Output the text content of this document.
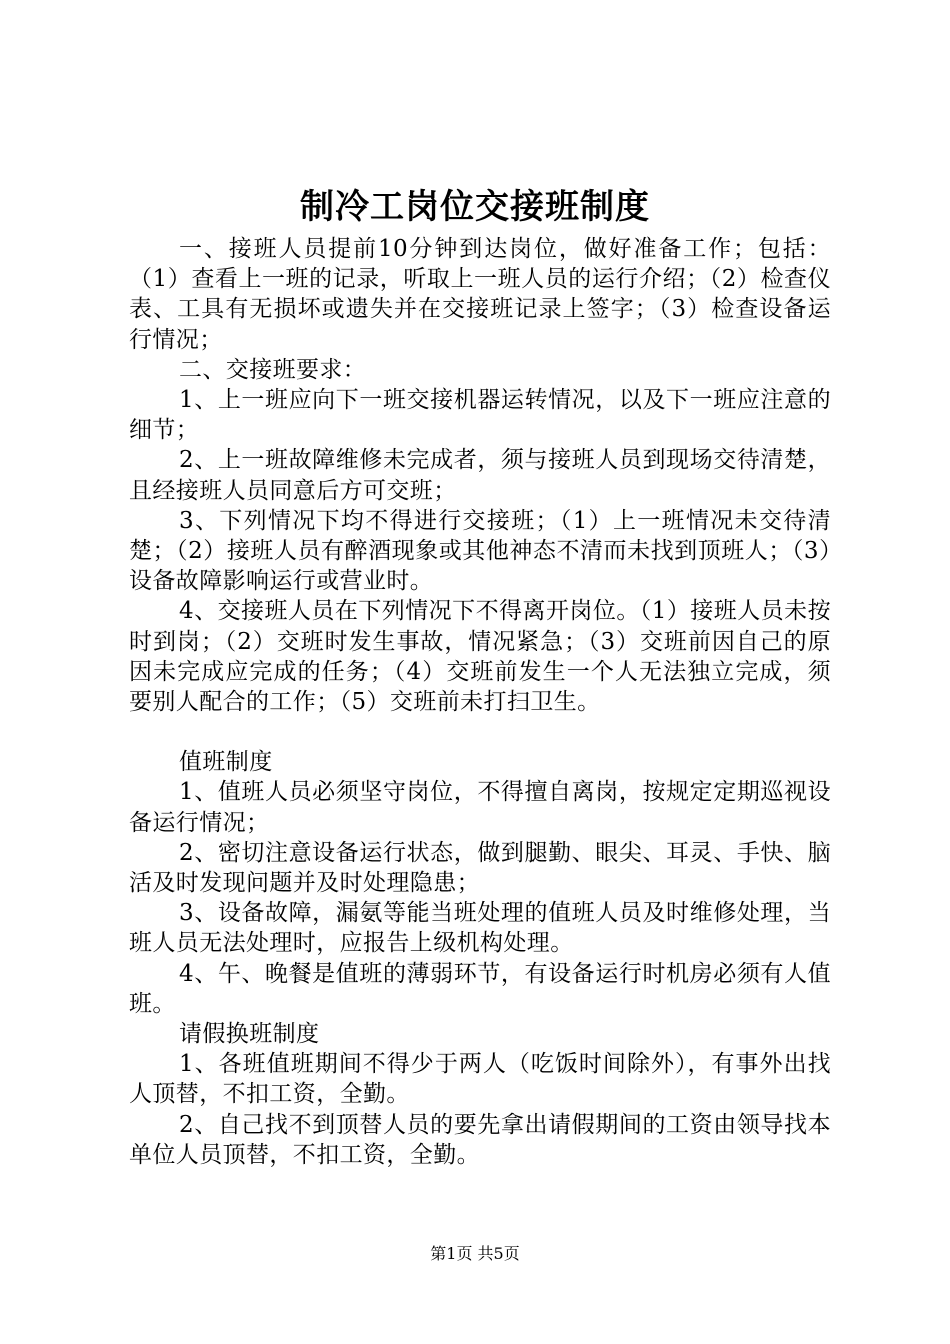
制冷工岗位交接班制度

一、接班人员提前10分钟到达岗位，做好准备工作；包括：（1）查看上一班的记录，听取上一班人员的运行介绍；（2）检查仪表、工具有无损坏或遗失并在交接班记录上签字；（3）检查设备运行情况；

二、交接班要求：

1、上一班应向下一班交接机器运转情况，以及下一班应注意的细节；

2、上一班故障维修未完成者，须与接班人员到现场交待清楚，且经接班人员同意后方可交班；

3、下列情况下均不得进行交接班；（1）上一班情况未交待清楚；（2）接班人员有醉酒现象或其他神态不清而未找到顶班人；（3）设备故障影响运行或营业时。

4、交接班人员在下列情况下不得离开岗位。（1）接班人员未按时到岗；（2）交班时发生事故，情况紧急；（3）交班前因自己的原因未完成应完成的任务；（4）交班前发生一个人无法独立完成，须要别人配合的工作；（5）交班前未打扫卫生。

值班制度

1、值班人员必须坚守岗位，不得擅自离岗，按规定定期巡视设备运行情况；

2、密切注意设备运行状态，做到腿勤、眼尖、耳灵、手快、脑活及时发现问题并及时处理隐患；

3、设备故障，漏氨等能当班处理的值班人员及时维修处理，当班人员无法处理时，应报告上级机构处理。

4、午、晚餐是值班的薄弱环节，有设备运行时机房必须有人值班。

请假换班制度

1、各班值班期间不得少于两人（吃饭时间除外），有事外出找人顶替，不扣工资，全勤。

2、自己找不到顶替人员的要先拿出请假期间的工资由领导找本单位人员顶替，不扣工资，全勤。

第1页 共5页
